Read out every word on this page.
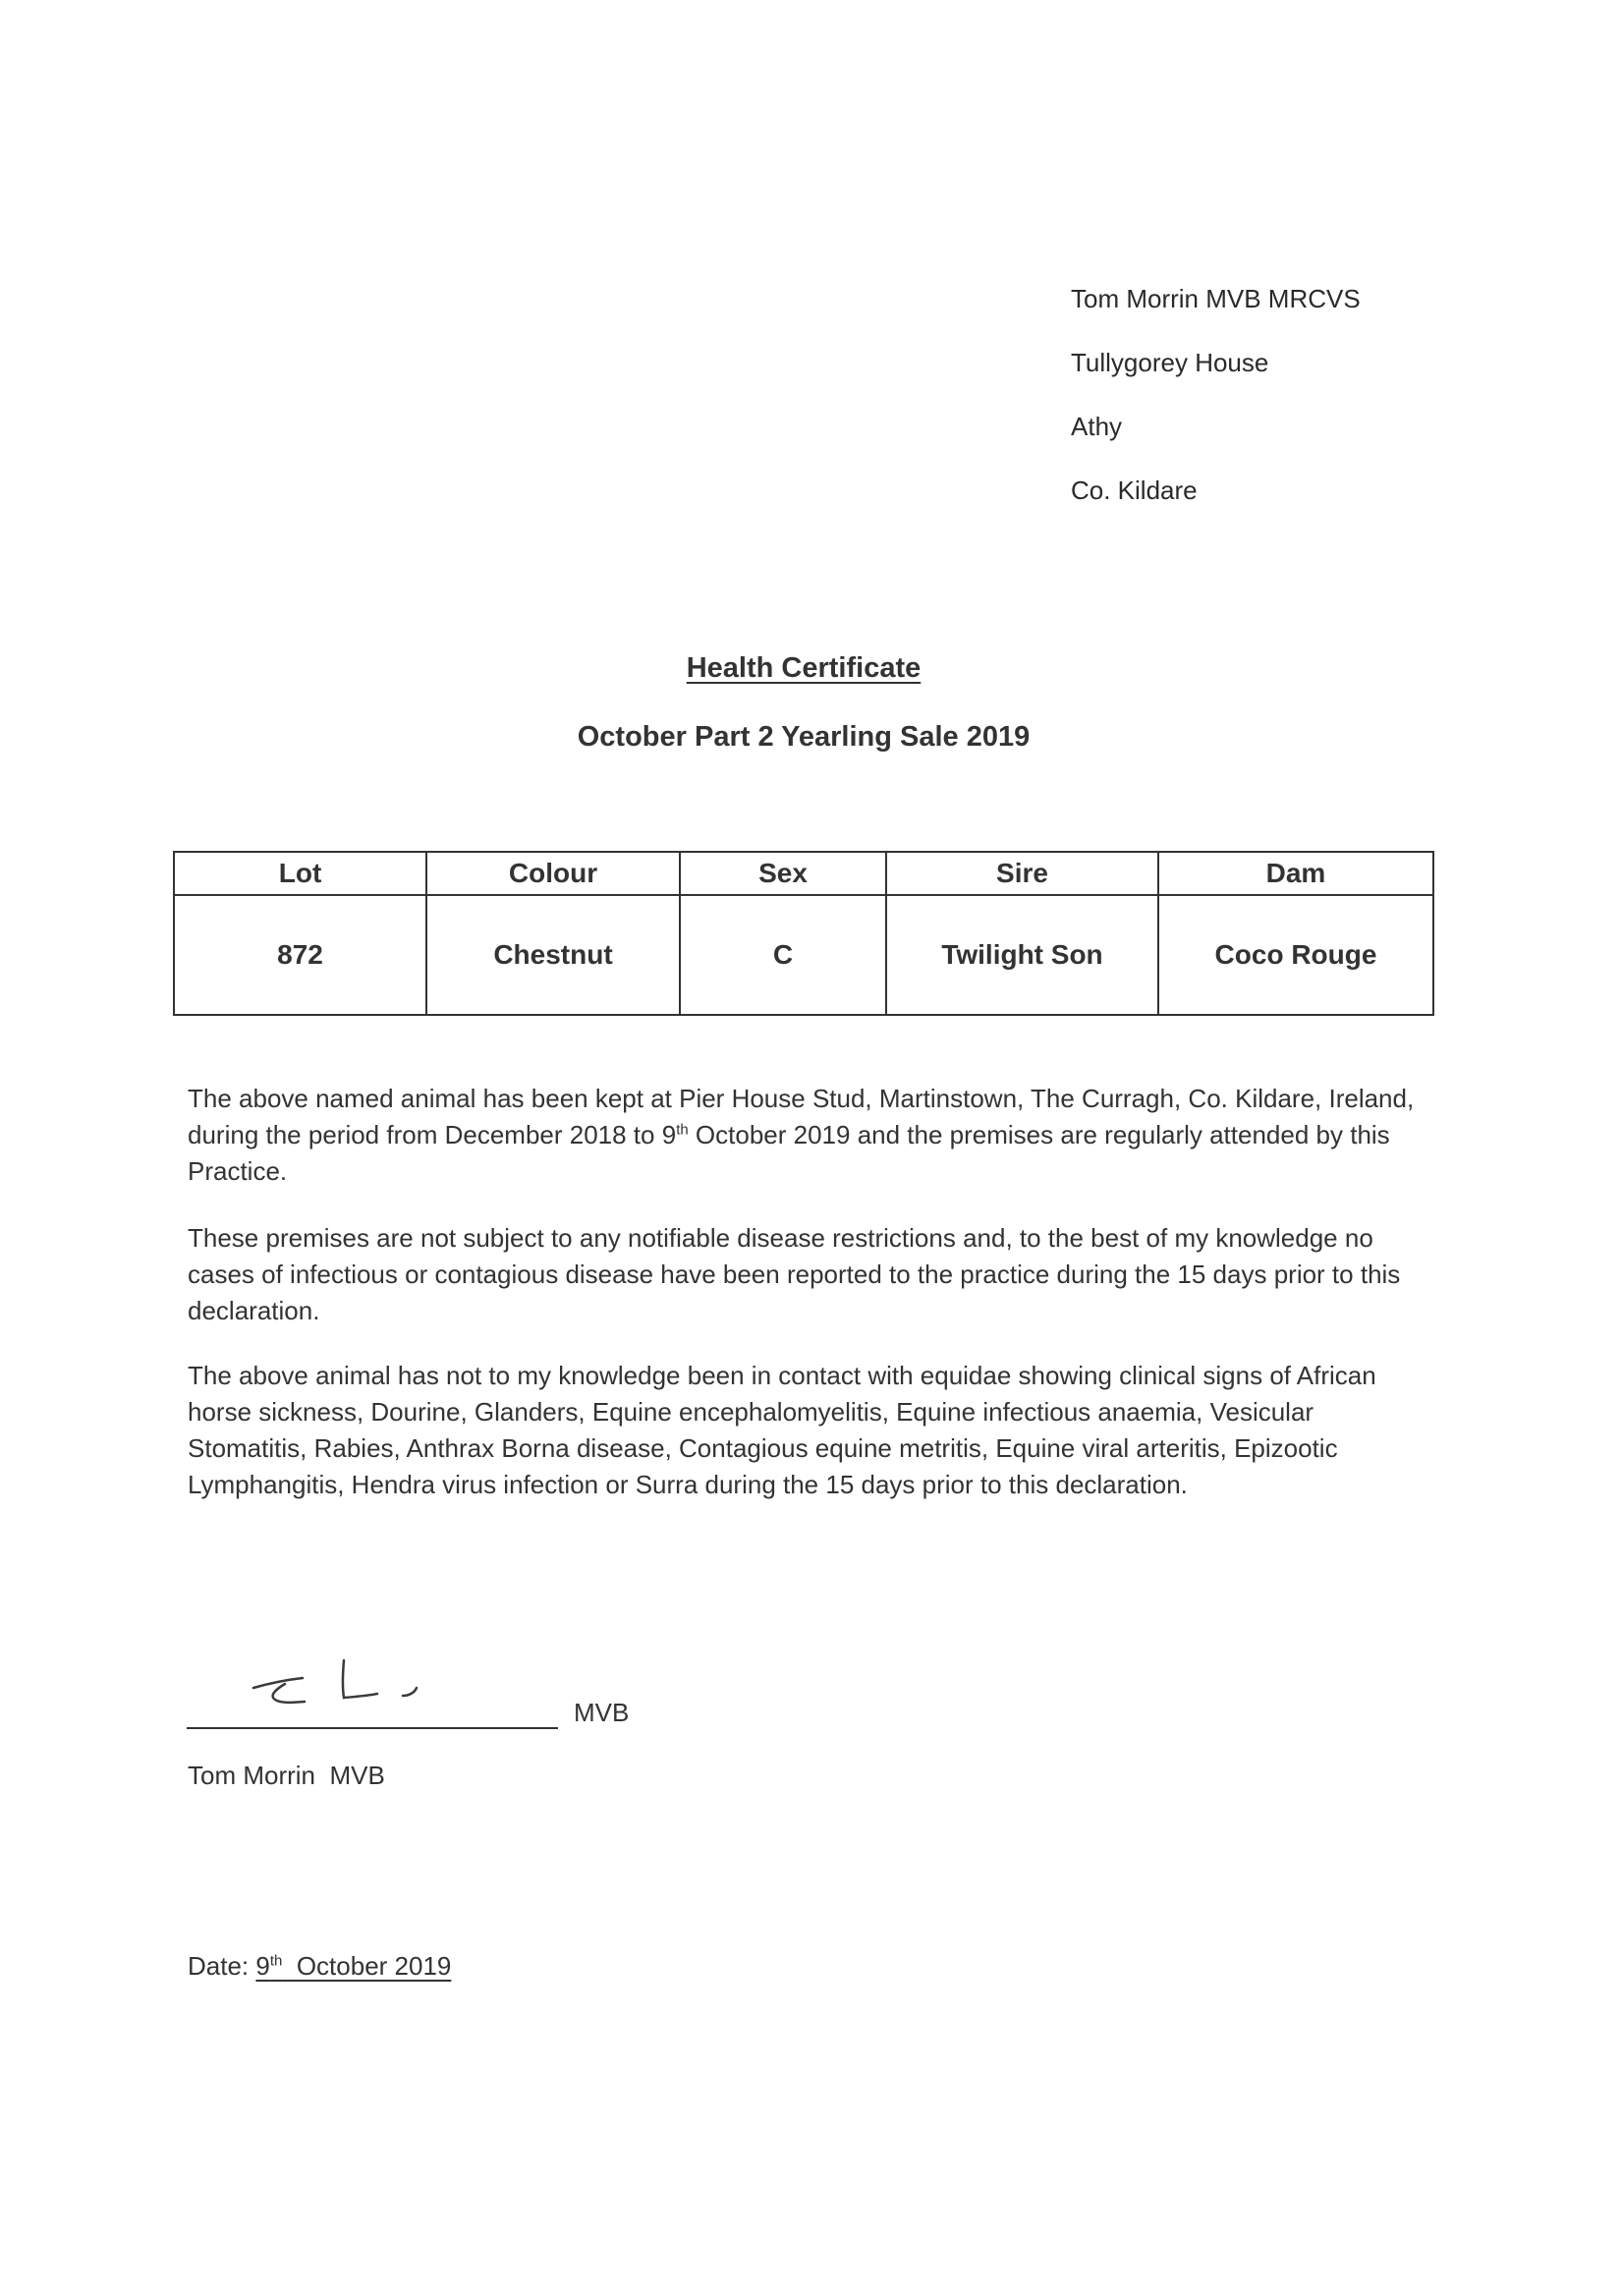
Tom Morrin MVB MRCVS
Tullygorey House
Athy
Co. Kildare
Health Certificate
October Part 2 Yearling Sale 2019
Lot	Colour	Sex	Sire	Dam
872	Chestnut	C	Twilight Son	Coco Rouge
The above named animal has been kept at Pier House Stud, Martinstown, The Curragh, Co. Kildare, Ireland, during the period from December 2018 to 9th October 2019 and the premises are regularly attended by this Practice.
These premises are not subject to any notifiable disease restrictions and, to the best of my knowledge no cases of infectious or contagious disease have been reported to the practice during the 15 days prior to this declaration.
The above animal has not to my knowledge been in contact with equidae showing clinical signs of African horse sickness, Dourine, Glanders, Equine encephalomyelitis, Equine infectious anaemia, Vesicular Stomatitis, Rabies, Anthrax Borna disease, Contagious equine metritis, Equine viral arteritis, Epizootic Lymphangitis, Hendra virus infection or Surra during the 15 days prior to this declaration.
MVB
Tom Morrin  MVB
Date: 9th  October 2019
